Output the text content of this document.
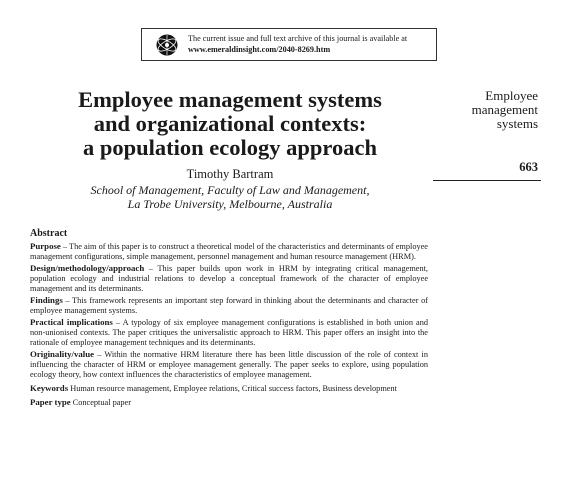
The current issue and full text archive of this journal is available at
www.emeraldinsight.com/2040-8269.htm
Employee management systems
and organizational contexts:
a population ecology approach
Timothy Bartram
School of Management, Faculty of Law and Management,
La Trobe University, Melbourne, Australia
Employee
management
systems
663
Abstract

Purpose – The aim of this paper is to construct a theoretical model of the characteristics and determinants of employee management configurations, simple management, personnel management and human resource management (HRM).

Design/methodology/approach – This paper builds upon work in HRM by integrating critical management, population ecology and industrial relations to develop a conceptual framework of the character of employee management and its determinants.

Findings – This framework represents an important step forward in thinking about the determinants and character of employee management systems.

Practical implications – A typology of six employee management configurations is established in both union and non-unionised contexts. The paper critiques the universalistic approach to HRM. This paper offers an insight into the rationale of employee management techniques and its determinants.

Originality/value – Within the normative HRM literature there has been little discussion of the role of context in influencing the character of HRM or employee management generally. The paper seeks to explore, using population ecology theory, how context influences the characteristics of employee management.

Keywords Human resource management, Employee relations, Critical success factors, Business development

Paper type Conceptual paper
